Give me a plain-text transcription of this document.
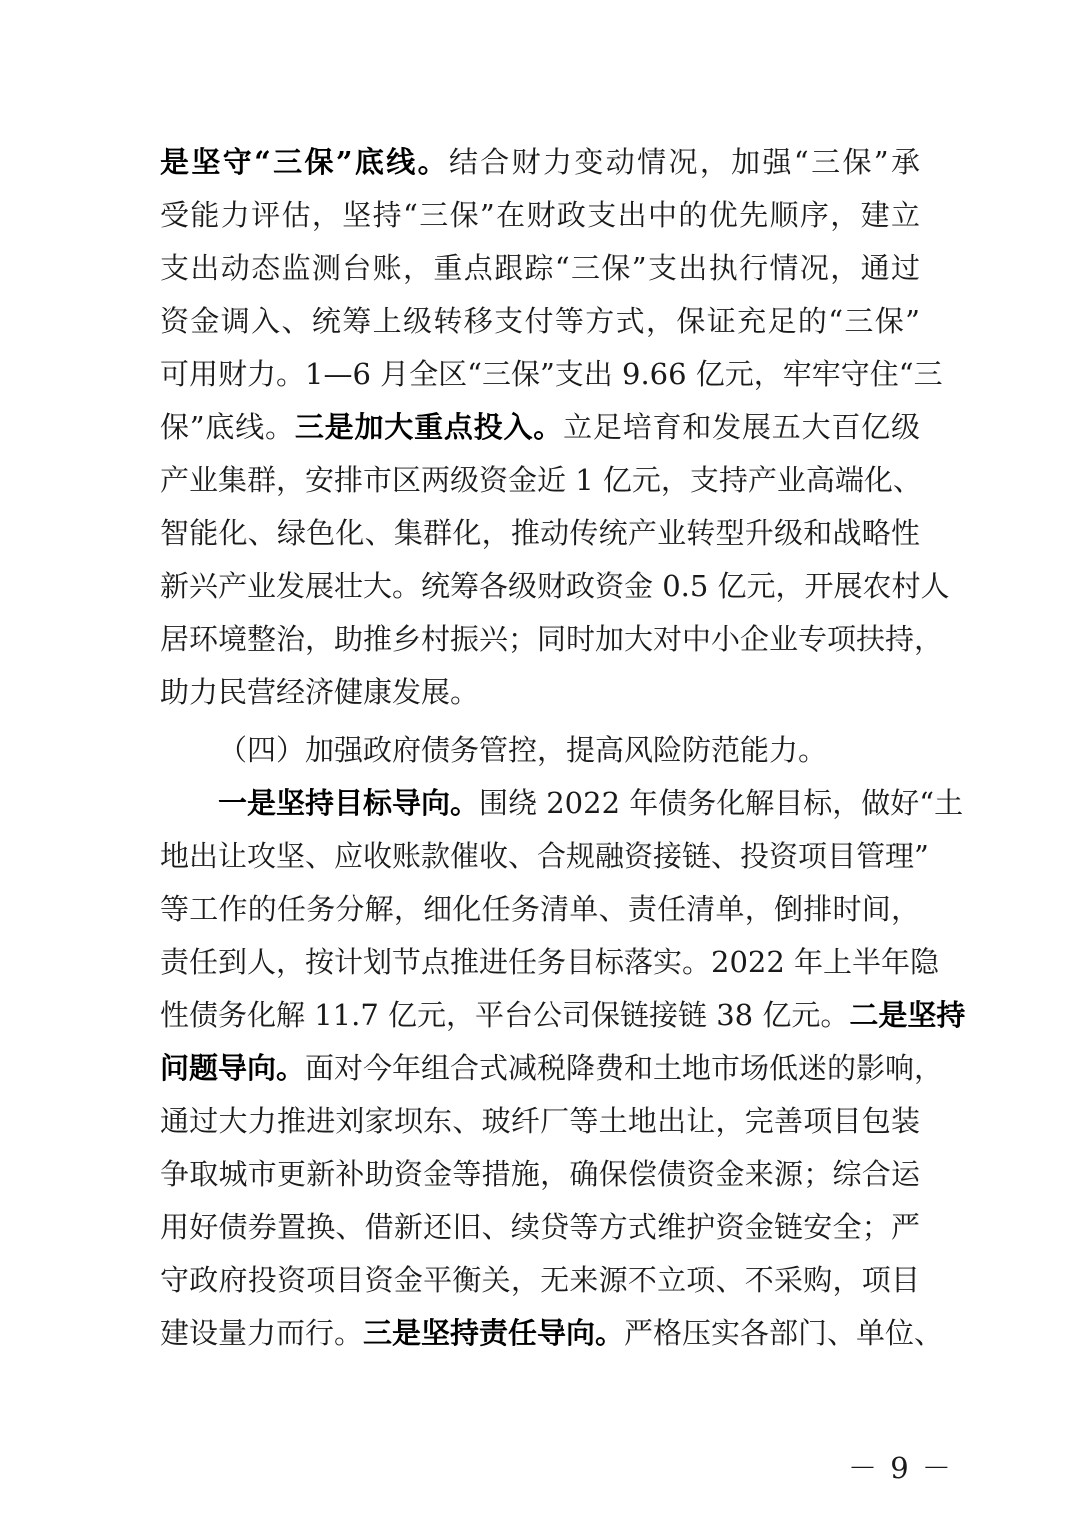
是坚守“三保”底线。结合财力变动情况，加强“三保”承
受能力评估，坚持“三保”在财政支出中的优先顺序，建立
支出动态监测台账，重点跟踪“三保”支出执行情况，通过
资金调入、统筹上级转移支付等方式，保证充足的“三保”
可用财力。1—6 月全区“三保”支出 9.66 亿元，牢牢守住“三
保”底线。三是加大重点投入。立足培育和发展五大百亿级
产业集群，安排市区两级资金近 1 亿元，支持产业高端化、
智能化、绿色化、集群化，推动传统产业转型升级和战略性
新兴产业发展壮大。统筹各级财政资金 0.5 亿元，开展农村人
居环境整治，助推乡村振兴；同时加大对中小企业专项扶持，
助力民营经济健康发展。
（四）加强政府债务管控，提高风险防范能力。
一是坚持目标导向。围绕 2022 年债务化解目标，做好“土
地出让攻坚、应收账款催收、合规融资接链、投资项目管理”
等工作的任务分解，细化任务清单、责任清单，倒排时间，
责任到人，按计划节点推进任务目标落实。2022 年上半年隐
性债务化解 11.7 亿元，平台公司保链接链 38 亿元。二是坚持
问题导向。面对今年组合式减税降费和土地市场低迷的影响，
通过大力推进刘家坝东、玻纤厂等土地出让，完善项目包装
争取城市更新补助资金等措施，确保偿债资金来源；综合运
用好债券置换、借新还旧、续贷等方式维护资金链安全；严
守政府投资项目资金平衡关，无来源不立项、不采购，项目
建设量力而行。三是坚持责任导向。严格压实各部门、单位、
－ 9 －
